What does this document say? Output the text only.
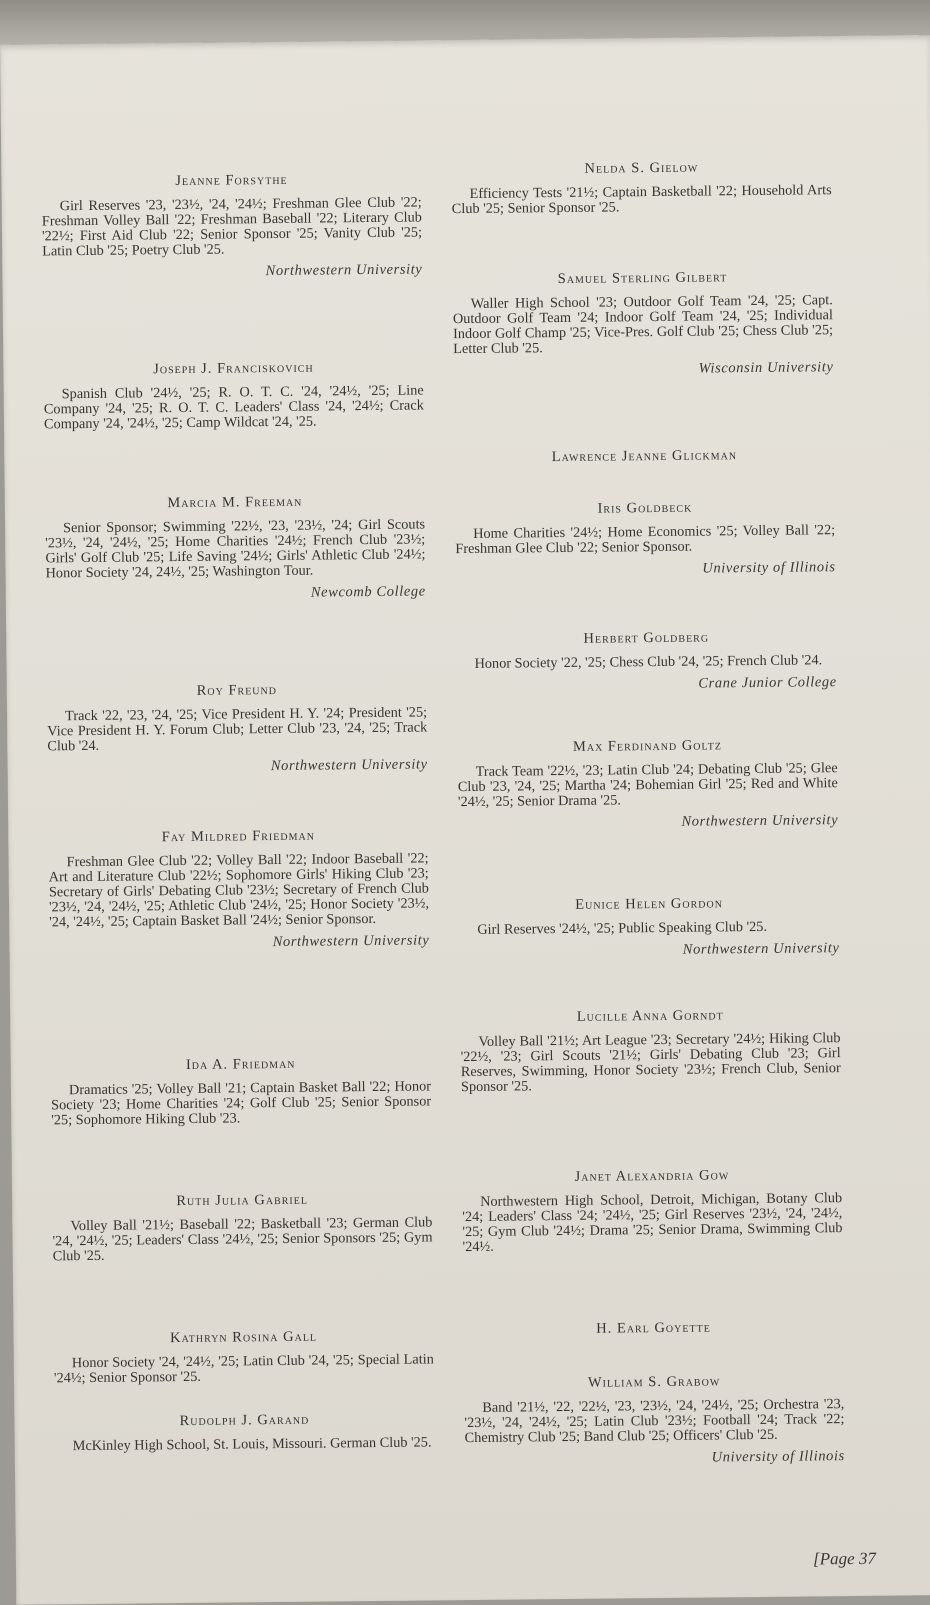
Jeanne Forsythe
Girl Reserves '23, '23½, '24, '24½; Freshman Glee Club '22; Freshman Volley Ball '22; Freshman Baseball '22; Literary Club '22½; First Aid Club '22; Senior Sponsor '25; Vanity Club '25; Latin Club '25; Poetry Club '25.
Northwestern University
Joseph J. Franciskovich
Spanish Club '24½, '25; R. O. T. C. '24, '24½, '25; Line Company '24, '25; R. O. T. C. Leaders' Class '24, '24½; Crack Company '24, '24½, '25; Camp Wildcat '24, '25.
Marcia M. Freeman
Senior Sponsor; Swimming '22½, '23, '23½, '24; Girl Scouts '23½, '24, '24½, '25; Home Charities '24½; French Club '23½; Girls' Golf Club '25; Life Saving '24½; Girls' Athletic Club '24½; Honor Society '24, 24½, '25; Washington Tour.
Newcomb College
Roy Freund
Track '22, '23, '24, '25; Vice President H. Y. '24; President '25; Vice President H. Y. Forum Club; Letter Club '23, '24, '25; Track Club '24.
Northwestern University
Fay Mildred Friedman
Freshman Glee Club '22; Volley Ball '22; Indoor Baseball '22; Art and Literature Club '22½; Sophomore Girls' Hiking Club '23; Secretary of Girls' Debating Club '23½; Secretary of French Club '23½, '24, '24½, '25; Athletic Club '24½, '25; Honor Society '23½, '24, '24½, '25; Captain Basket Ball '24½; Senior Sponsor.
Northwestern University
Ida A. Friedman
Dramatics '25; Volley Ball '21; Captain Basket Ball '22; Honor Society '23; Home Charities '24; Golf Club '25; Senior Sponsor '25; Sophomore Hiking Club '23.
Ruth Julia Gabriel
Volley Ball '21½; Baseball '22; Basketball '23; German Club '24, '24½, '25; Leaders' Class '24½, '25; Senior Sponsors '25; Gym Club '25.
Kathryn Rosina Gall
Honor Society '24, '24½, '25; Latin Club '24, '25; Special Latin '24½; Senior Sponsor '25.
Rudolph J. Garand
McKinley High School, St. Louis, Missouri. German Club '25.
Nelda S. Gielow
Efficiency Tests '21½; Captain Basketball '22; Household Arts Club '25; Senior Sponsor '25.
Samuel Sterling Gilbert
Waller High School '23; Outdoor Golf Team '24, '25; Capt. Outdoor Golf Team '24; Indoor Golf Team '24, '25; Individual Indoor Golf Champ '25; Vice-Pres. Golf Club '25; Chess Club '25; Letter Club '25.
Wisconsin University
Lawrence Jeanne Glickman
Iris Goldbeck
Home Charities '24½; Home Economics '25; Volley Ball '22; Freshman Glee Club '22; Senior Sponsor.
University of Illinois
Herbert Goldberg
Honor Society '22, '25; Chess Club '24, '25; French Club '24.
Crane Junior College
Max Ferdinand Goltz
Track Team '22½, '23; Latin Club '24; Debating Club '25; Glee Club '23, '24, '25; Martha '24; Bohemian Girl '25; Red and White '24½, '25; Senior Drama '25.
Northwestern University
Eunice Helen Gordon
Girl Reserves '24½, '25; Public Speaking Club '25.
Northwestern University
Lucille Anna Gorndt
Volley Ball '21½; Art League '23; Secretary '24½; Hiking Club '22½, '23; Girl Scouts '21½; Girls' Debating Club '23; Girl Reserves, Swimming, Honor Society '23½; French Club, Senior Sponsor '25.
Janet Alexandria Gow
Northwestern High School, Detroit, Michigan, Botany Club '24; Leaders' Class '24; '24½, '25; Girl Reserves '23½, '24, '24½, '25; Gym Club '24½; Drama '25; Senior Drama, Swimming Club '24½.
H. Earl Goyette
William S. Grabow
Band '21½, '22, '22½, '23, '23½, '24, '24½, '25; Orchestra '23, '23½, '24, '24½, '25; Latin Club '23½; Football '24; Track '22; Chemistry Club '25; Band Club '25; Officers' Club '25.
University of Illinois
[Page 37
